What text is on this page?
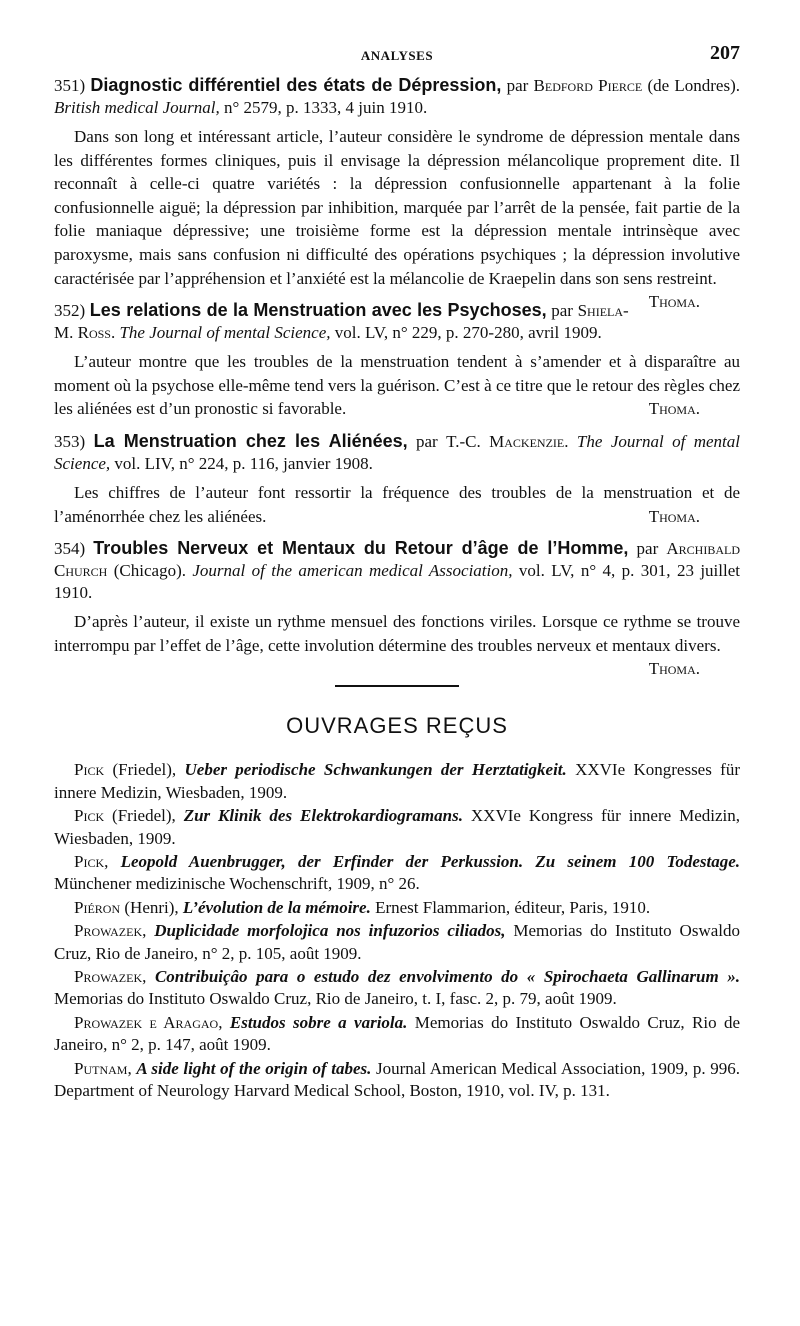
ANALYSES	207
351) Diagnostic différentiel des états de Dépression, par Bedford Pierce (de Londres). British medical Journal, n° 2579, p. 1333, 4 juin 1910.
Dans son long et intéressant article, l’auteur considère le syndrome de dépression mentale dans les différentes formes cliniques, puis il envisage la dépression mélancolique proprement dite. Il reconnaît à celle-ci quatre variétés : la dépression confusionnelle appartenant à la folie confusionnelle aiguë; la dépression par inhibition, marquée par l’arrêt de la pensée, fait partie de la folie maniaque dépressive; une troisième forme est la dépression mentale intrinsèque avec paroxysme, mais sans confusion ni difficulté des opérations psychiques ; la dépression involutive caractérisée par l’appréhension et l’anxiété est la mélancolie de Kraepelin dans son sens restreint.
Thoma.
352) Les relations de la Menstruation avec les Psychoses, par Shiela-M. Ross. The Journal of mental Science, vol. LV, n° 229, p. 270-280, avril 1909.
L’auteur montre que les troubles de la menstruation tendent à s’amender et à disparaître au moment où la psychose elle-même tend vers la guérison. C’est à ce titre que le retour des règles chez les aliénées est d’un pronostic si favorable.	Thoma.
353) La Menstruation chez les Aliénées, par T.-C. Mackenzie. The Journal of mental Science, vol. LIV, n° 224, p. 116, janvier 1908.
Les chiffres de l’auteur font ressortir la fréquence des troubles de la menstruation et de l’aménorrhée chez les aliénées.	Thoma.
354) Troubles Nerveux et Mentaux du Retour d’âge de l’Homme, par Archibald Church (Chicago). Journal of the american medical Association, vol. LV, n° 4, p. 301, 23 juillet 1910.
D’après l’auteur, il existe un rythme mensuel des fonctions viriles. Lorsque ce rythme se trouve interrompu par l’effet de l’âge, cette involution détermine des troubles nerveux et mentaux divers.
Thoma.
OUVRAGES REÇUS
Pick (Friedel), Ueber periodische Schwankungen der Herztatigkeit. XXVIe Kongresses für innere Medizin, Wiesbaden, 1909.
Pick (Friedel), Zur Klinik des Elektrokardiogramans. XXVIe Kongress für innere Medizin, Wiesbaden, 1909.
Pick, Leopold Auenbrugger, der Erfinder der Perkussion. Zu seinem 100 Todestage. Münchener medizinische Wochenschrift, 1909, n° 26.
Piéron (Henri), L’évolution de la mémoire. Ernest Flammarion, éditeur, Paris, 1910.
Prowazek, Duplicidade morfolojica nos infuzorios ciliados, Memorias do Instituto Oswaldo Cruz, Rio de Janeiro, n° 2, p. 105, août 1909.
Prowazek, Contribuiçâo para o estudo dez envolvimento do « Spirochaeta Gallinarum ». Memorias do Instituto Oswaldo Cruz, Rio de Janeiro, t. I, fasc. 2, p. 79, août 1909.
Prowazek e Aragao, Estudos sobre a variola. Memorias do Instituto Oswaldo Cruz, Rio de Janeiro, n° 2, p. 147, août 1909.
Putnam, A side light of the origin of tabes. Journal American Medical Association, 1909, p. 996. Department of Neurology Harvard Medical School, Boston, 1910, vol. IV, p. 131.
